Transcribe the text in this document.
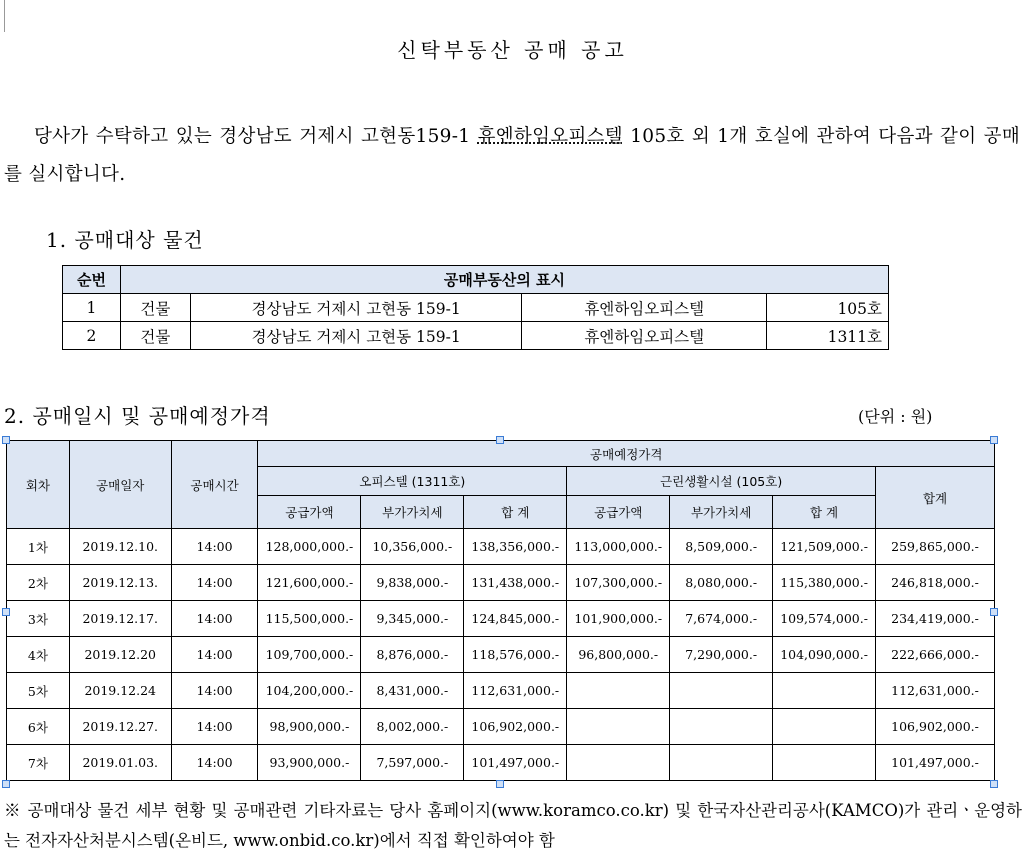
신탁부동산 공매 공고
당사가 수탁하고 있는 경상남도 거제시 고현동159-1 휴엔하임오피스텔 105호 외 1개 호실에 관하여 다음과 같이 공매를 실시합니다.
1. 공매대상 물건
순번	공매부동산의 표시			
1	건물	경상남도 거제시 고현동 159-1	휴엔하임오피스텔	105호
2	건물	경상남도 거제시 고현동 159-1	휴엔하임오피스텔	1311호
2. 공매일시 및 공매예정가격	(단위 : 원)
회차	공매일자	공매시간	공매예정가격						
			오피스텔 (1311호)			근린생활시설 (105호)			합계
			공급가액	부가가치세	합 계	공급가액	부가가치세	합 계	
1차	2019.12.10.	14:00	128,000,000.-	10,356,000.-	138,356,000.-	113,000,000.-	8,509,000.-	121,509,000.-	259,865,000.-
2차	2019.12.13.	14:00	121,600,000.-	9,838,000.-	131,438,000.-	107,300,000.-	8,080,000.-	115,380,000.-	246,818,000.-
3차	2019.12.17.	14:00	115,500,000.-	9,345,000.-	124,845,000.-	101,900,000.-	7,674,000.-	109,574,000.-	234,419,000.-
4차	2019.12.20	14:00	109,700,000.-	8,876,000.-	118,576,000.-	96,800,000.-	7,290,000.-	104,090,000.-	222,666,000.-
5차	2019.12.24	14:00	104,200,000.-	8,431,000.-	112,631,000.-				112,631,000.-
6차	2019.12.27.	14:00	98,900,000.-	8,002,000.-	106,902,000.-				106,902,000.-
7차	2019.01.03.	14:00	93,900,000.-	7,597,000.-	101,497,000.-				101,497,000.-
※ 공매대상 물건 세부 현황 및 공매관련 기타자료는 당사 홈페이지(www.koramco.co.kr) 및 한국자산관리공사(KAMCO)가 관리ㆍ운영하는 전자자산처분시스템(온비드, www.onbid.co.kr)에서 직접 확인하여야 함
